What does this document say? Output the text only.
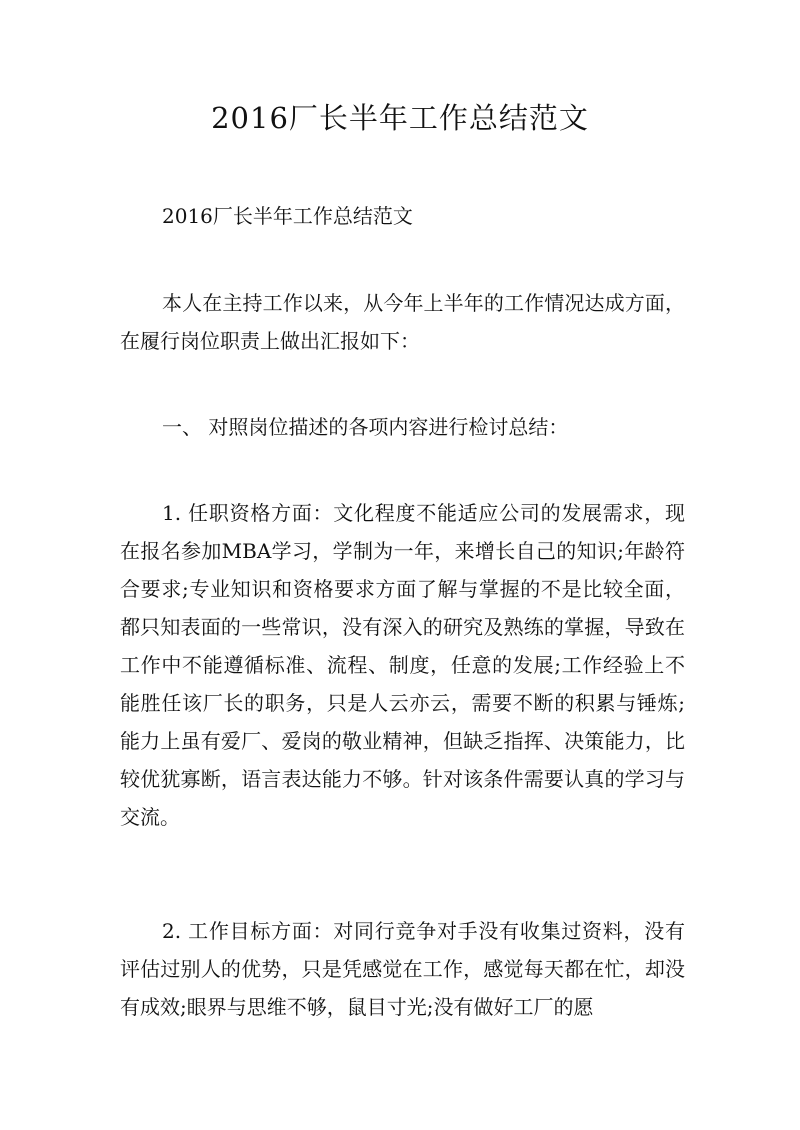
2016厂长半年工作总结范文

2016厂长半年工作总结范文

本人在主持工作以来，从今年上半年的工作情况达成方面，在履行岗位职责上做出汇报如下：

一、 对照岗位描述的各项内容进行检讨总结：

1. 任职资格方面：文化程度不能适应公司的发展需求，现在报名参加MBA学习，学制为一年，来增长自己的知识;年龄符合要求;专业知识和资格要求方面了解与掌握的不是比较全面，都只知表面的一些常识，没有深入的研究及熟练的掌握，导致在工作中不能遵循标准、流程、制度，任意的发展;工作经验上不能胜任该厂长的职务，只是人云亦云，需要不断的积累与锤炼;能力上虽有爱厂、爱岗的敬业精神，但缺乏指挥、决策能力，比较优犹寡断，语言表达能力不够。针对该条件需要认真的学习与交流。

2. 工作目标方面：对同行竞争对手没有收集过资料，没有评估过别人的优势，只是凭感觉在工作，感觉每天都在忙，却没有成效;眼界与思维不够，鼠目寸光;没有做好工厂的愿
